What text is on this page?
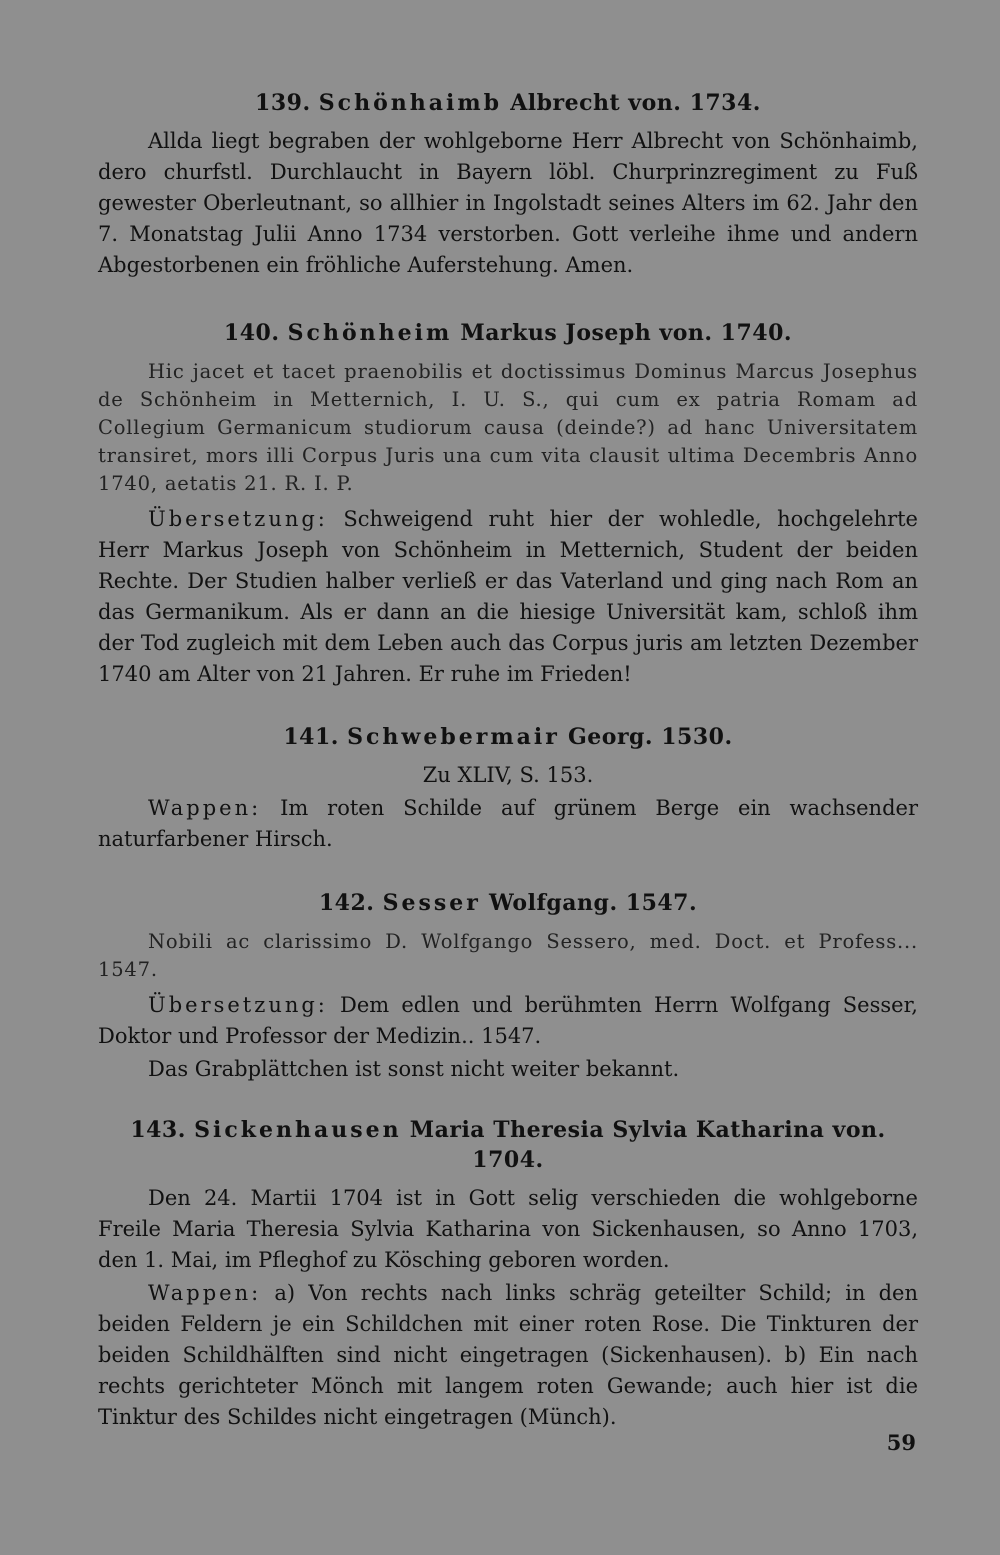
139. Schönhaimb Albrecht von. 1734.

Allda liegt begraben der wohlgeborne Herr Albrecht von Schönhaimb, dero churfstl. Durchlaucht in Bayern löbl. Churprinzregiment zu Fuß gewester Oberleutnant, so allhier in Ingolstadt seines Alters im 62. Jahr den 7. Monatstag Julii Anno 1734 verstorben. Gott verleihe ihme und andern Abgestorbenen ein fröhliche Auferstehung. Amen.

140. Schönheim Markus Joseph von. 1740.

Hic jacet et tacet praenobilis et doctissimus Dominus Marcus Josephus de Schönheim in Metternich, I. U. S., qui cum ex patria Romam ad Collegium Germanicum studiorum causa (deinde?) ad hanc Universitatem transiret, mors illi Corpus Juris una cum vita clausit ultima Decembris Anno 1740, aetatis 21. R. I. P.

Übersetzung: Schweigend ruht hier der wohledle, hochgelehrte Herr Markus Joseph von Schönheim in Metternich, Student der beiden Rechte. Der Studien halber verließ er das Vaterland und ging nach Rom an das Germanikum. Als er dann an die hiesige Universität kam, schloß ihm der Tod zugleich mit dem Leben auch das Corpus juris am letzten Dezember 1740 am Alter von 21 Jahren. Er ruhe im Frieden!

141. Schwebermair Georg. 1530.

Zu XLIV, S. 153.

Wappen: Im roten Schilde auf grünem Berge ein wachsender naturfarbener Hirsch.

142. Sesser Wolfgang. 1547.

Nobili ac clarissimo D. Wolfgango Sessero, med. Doct. et Profess... 1547.

Übersetzung: Dem edlen und berühmten Herrn Wolfgang Sesser, Doktor und Professor der Medizin.. 1547.

Das Grabplättchen ist sonst nicht weiter bekannt.

143. Sickenhausen Maria Theresia Sylvia Katharina von. 1704.

Den 24. Martii 1704 ist in Gott selig verschieden die wohlgeborne Freile Maria Theresia Sylvia Katharina von Sickenhausen, so Anno 1703, den 1. Mai, im Pfleghof zu Kösching geboren worden.

Wappen: a) Von rechts nach links schräg geteilter Schild; in den beiden Feldern je ein Schildchen mit einer roten Rose. Die Tinkturen der beiden Schildhälften sind nicht eingetragen (Sickenhausen). b) Ein nach rechts gerichteter Mönch mit langem roten Gewande; auch hier ist die Tinktur des Schildes nicht eingetragen (Münch).

59
